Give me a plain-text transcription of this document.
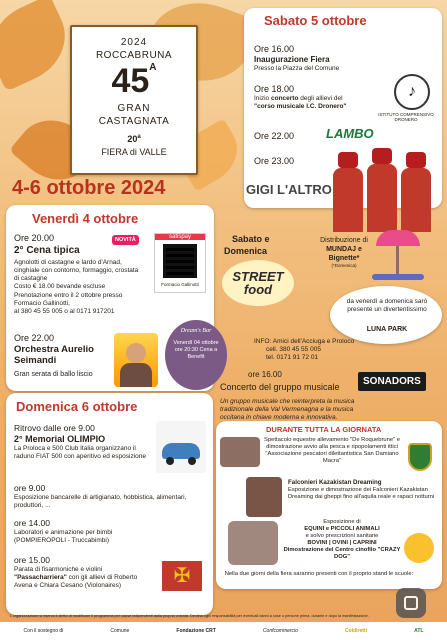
2024
ROCCABRUNA
$45^A$
GRAN
CASTAGNATA
20$^a$
FIERA di VALLE
4-6 ottobre 2024
Sabato 5 ottobre
Ore 16.00
Inaugurazione Fiera
Presso la Piazza del Comune
Ore 18.00
Inizio concerto degli allievi del
"corso musicale I.C. Dronero"
Ore 22.00
Ore 23.00
♪
ISTITUTO COMPRENSIVO DRONERO
LAMBO
GIGI L'ALTRO
Venerdì 4 ottobre
Ore 20.00
2° Cena tipica
NOVITÀ
Agnolotti di castagne e lardo d'Arnad, cinghiale con contorno, formaggio, crostata di castagne
Costo € 18.00 bevande escluse
Prenotazione entro il 2 ottobre presso Formacio Gallinotti,
al 380 45 55 005 o al 0171 917201
satispay
Formacio Gallinotti
Ore 22.00
Orchestra Aurelio Seimandi
Gran serata di ballo liscio
Dream's Bar
Venerdì 04 ottobre ore 20:30 Cena a Benefit
Sabato e
Domenica
STREET food
Distribuzione di
MUNDAJ e
Bignette*
(*Domenica)
da venerdì a domenica sarò presente un divertentissimo
LUNA PARK
INFO: Amici dell'Acciuga e Proloco
cell. 380 45 55 005
tel. 0171 91 72 01
ore 16.00
Concerto del gruppo musicale	SONADORS
Un gruppo musicale che reinterpreta la musica tradizionale della Val Vermenagna e la musica occitana in chiave moderna e innovativa.
Domenica 6 ottobre
Ritrovo dalle ore 9.00
2° Memorial OLIMPIO
La Proloca e 500 Club Italia organizzano il raduno FIAT 500 con aperitivo ed esposizione
ore 9.00
Esposizione bancarelle di artigianato, hobbistica, alimentari, produttori, ...
ore 14.00
Laboratori e animazione per bimbi
(POMPIEROPOLI - Truccabimbi)
ore 15.00
Parata di fisarmoniche e violini
"Passacharriera" con gli allievi di Roberto Avena e Chiara Cesano (Violonaires)	✠
DURANTE TUTTA LA GIORNATA
Spettacolo equestre allevamento "De Roquebrune" e dimostrazione avvio alla pesca e ripopolamenti ittici "Associazione pescatori dilettantistica San Damiano Macra"
Falconieri Kazakistan Dreaming
Esposizione e dimostrazione dei Falconieri Kazakistan Dreaming dai gheppi fino all'aquila reale e rapaci notturni
Esposizione di
EQUINI e PICCOLI ANIMALI
e solvo prescrizioni sanitarie
BOVINI | OVINI | CAPRINI
Dimostrazione del Centro cinofilo "CRAZY DOG"
Nella due giorni della fiera saranno presenti con il proprio stand le scuole:
L'organizzazione si riserva il diritto di modificare il programma per cause indipendenti dalla propria volontà. Declina ogni responsabilità per eventuali danni a cose o persone prima, durante e dopo la manifestazione.
Con il sostegno di	Comune	Fondazione CRT	Confcommercio	Coldiretti	ATL
